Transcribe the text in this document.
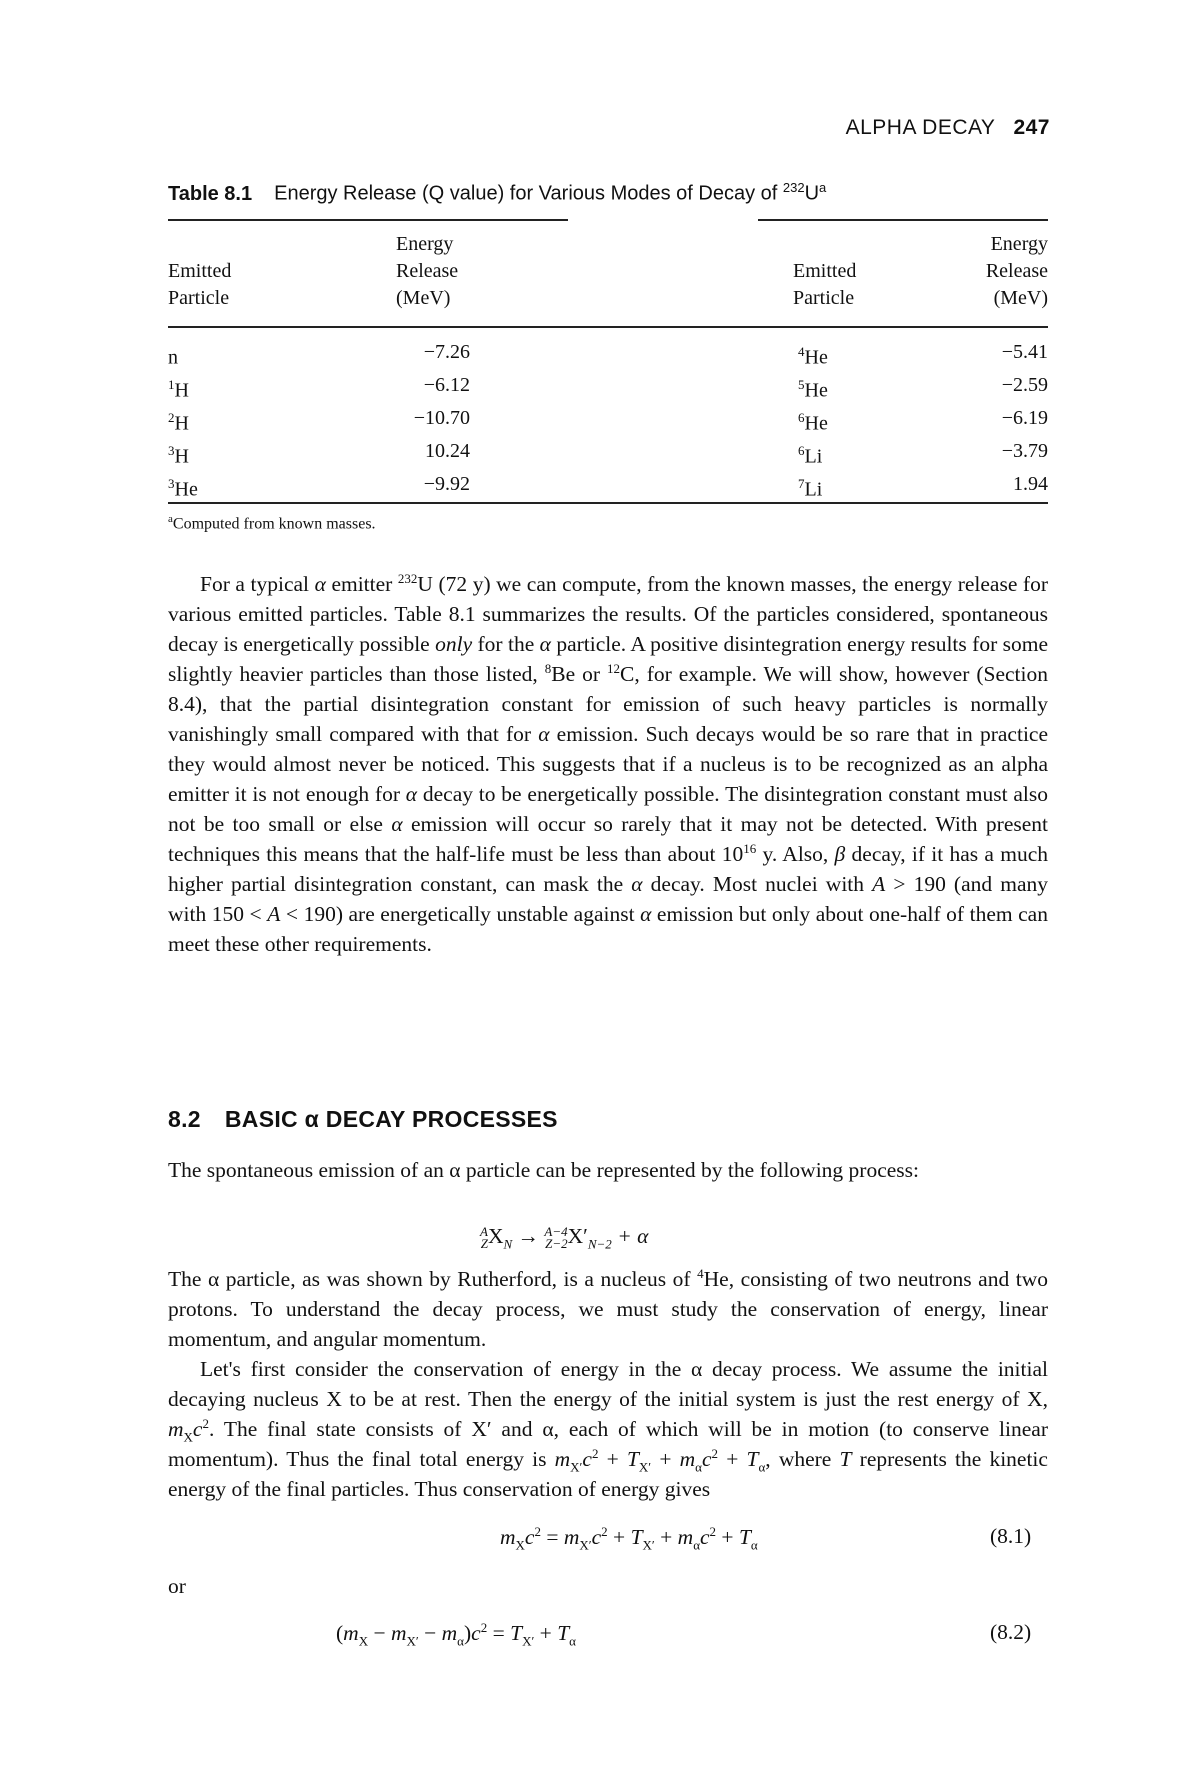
ALPHA DECAY 247
Table 8.1 Energy Release (Q value) for Various Modes of Decay of $^{232}U^a$
Emitted
Particle
Energy
Release
(MeV)
Emitted
Particle
Energy
Release
(MeV)
n	−7.26	$^4$He	−5.41
$^1$H	−6.12	$^5$He	−2.59
$^2$H	−10.70	$^6$He	−6.19
$^3$H	10.24	$^6$Li	−3.79
$^3$He	−9.92	$^7$Li	1.94
$^a$Computed from known masses.

For a typical α emitter $^{232}$U (72 y) we can compute, from the known masses, the energy release for various emitted particles. Table 8.1 summarizes the results. Of the particles considered, spontaneous decay is energetically possible only for the α particle. A positive disintegration energy results for some slightly heavier particles than those listed, $^8$Be or $^{12}$C, for example. We will show, however (Section 8.4), that the partial disintegration constant for emission of such heavy particles is normally vanishingly small compared with that for α emission. Such decays would be so rare that in practice they would almost never be noticed. This suggests that if a nucleus is to be recognized as an alpha emitter it is not enough for α decay to be energetically possible. The disintegration constant must also not be too small or else α emission will occur so rarely that it may not be detected. With present techniques this means that the half-life must be less than about $10^{16}$ y. Also, β decay, if it has a much higher partial disintegration constant, can mask the α decay. Most nuclei with A > 190 (and many with 150 < A < 190) are energetically unstable against α emission but only about one-half of them can meet these other requirements.

8.2 BASIC α DECAY PROCESSES

The spontaneous emission of an α particle can be represented by the following process:

A
Z $X_N \to A-4$
Z−2 $X'_{N-2} + \alpha$

The α particle, as was shown by Rutherford, is a nucleus of $^4$He, consisting of two neutrons and two protons. To understand the decay process, we must study the conservation of energy, linear momentum, and angular momentum.

Let's first consider the conservation of energy in the α decay process. We assume the initial decaying nucleus X to be at rest. Then the energy of the initial system is just the rest energy of X, $m_Xc^2$. The final state consists of X′ and α, each of which will be in motion (to conserve linear momentum). Thus the final total energy is $m_{X'}c^2 + T_{X'} + m_\alpha c^2 + T_\alpha$, where T represents the kinetic energy of the final particles. Thus conservation of energy gives

$m_Xc^2 = m_{X'}c^2 + T_{X'} + m_\alpha c^2 + T_\alpha$	(8.1)
or
$(m_X - m_{X'} - m_\alpha)c^2 = T_{X'} + T_\alpha$	(8.2)
